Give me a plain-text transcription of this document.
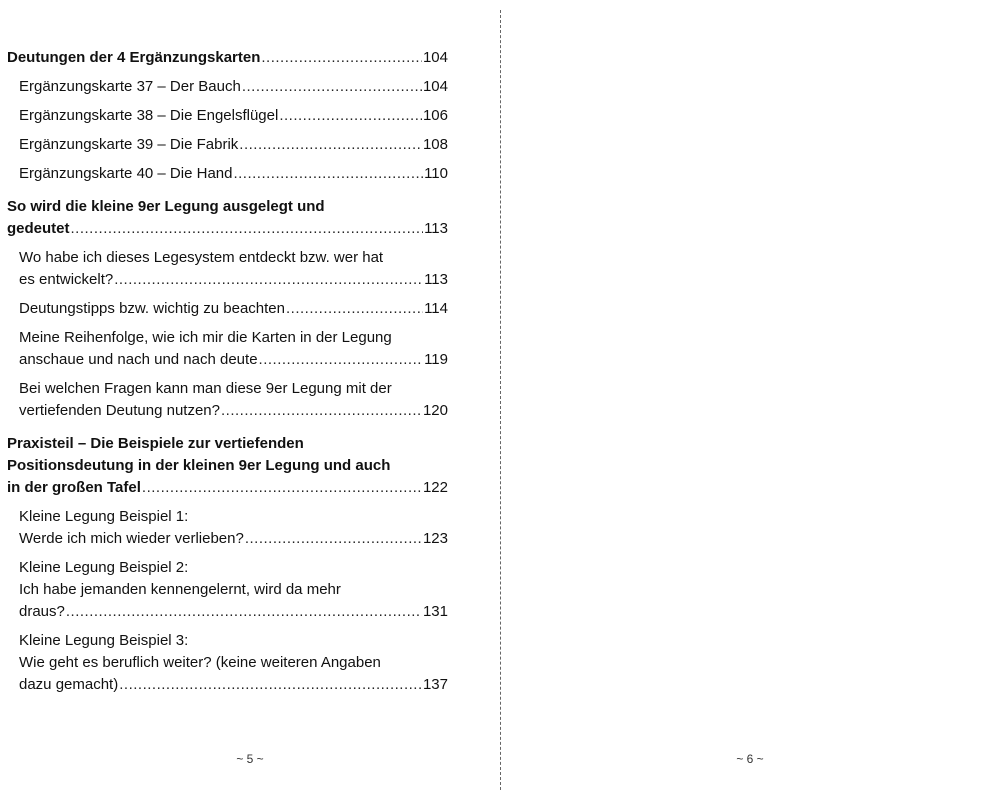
Deutungen der 4 Ergänzungskarten .....	104
Ergänzungskarte 37 – Der Bauch .....	104
Ergänzungskarte 38 – Die Engelsflügel .....	106
Ergänzungskarte 39 – Die Fabrik .....	108
Ergänzungskarte 40 – Die Hand .....	110
So wird die kleine 9er Legung ausgelegt und
gedeutet .....	113
Wo habe ich dieses Legesystem entdeckt bzw. wer hat
es entwickelt? .....	113
Deutungstipps bzw. wichtig zu beachten .....	114
Meine Reihenfolge, wie ich mir die Karten in der Legung
anschaue und nach und nach deute .....	119
Bei welchen Fragen kann man diese 9er Legung mit der
vertiefenden Deutung nutzen? .....	120
Praxisteil – Die Beispiele zur vertiefenden
Positionsdeutung in der kleinen 9er Legung und auch
in der großen Tafel .....	122
Kleine Legung Beispiel 1:
Werde ich mich wieder verlieben? .....	123
Kleine Legung Beispiel 2:
Ich habe jemanden kennengelernt, wird da mehr
draus? .....	131
Kleine Legung Beispiel 3:
Wie geht es beruflich weiter? (keine weiteren Angaben
dazu gemacht) .....	137
~ 5 ~	~ 6 ~
